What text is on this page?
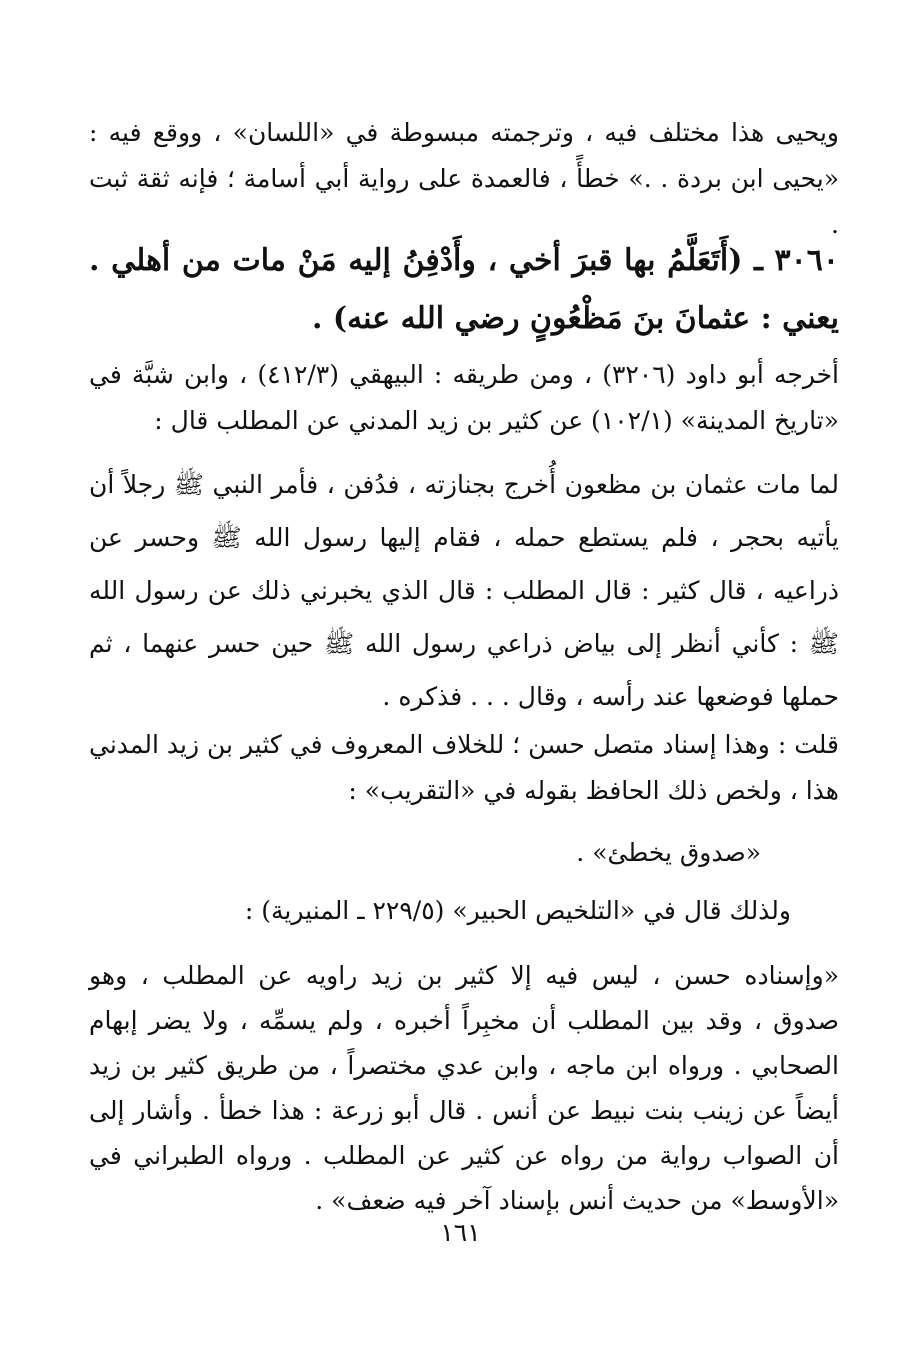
ويحيى هذا مختلف فيه ، وترجمته مبسوطة في «اللسان» ، ووقع فيه : «يحيى ابن بردة . .» خطأً ، فالعمدة على رواية أبي أسامة ؛ فإنه ثقة ثبت .

٣٠٦٠ ـ (أَتَعَلَّمُ بها قبرَ أخي ، وأَدْفِنُ إليه مَنْ مات من أهلي . يعني : عثمانَ بنَ مَظْعُونٍ رضي الله عنه) .

أخرجه أبو داود (٣٢٠٦) ، ومن طريقه : البيهقي (٤١٢/٣) ، وابن شبَّة في «تاريخ المدينة» (١٠٢/١) عن كثير بن زيد المدني عن المطلب قال :

لما مات عثمان بن مظعون أُخرج بجنازته ، فدُفن ، فأمر النبي ﷺ رجلاً أن يأتيه بحجر ، فلم يستطع حمله ، فقام إليها رسول الله ﷺ وحسر عن ذراعيه ، قال كثير : قال المطلب : قال الذي يخبرني ذلك عن رسول الله ﷺ : كأني أنظر إلى بياض ذراعي رسول الله ﷺ حين حسر عنهما ، ثم حملها فوضعها عند رأسه ، وقال . . . فذكره .

قلت : وهذا إسناد متصل حسن ؛ للخلاف المعروف في كثير بن زيد المدني هذا ، ولخص ذلك الحافظ بقوله في «التقريب» :

«صدوق يخطئ» .

ولذلك قال في «التلخيص الحبير» (٢٢٩/٥ ـ المنيرية) :

«وإسناده حسن ، ليس فيه إلا كثير بن زيد راويه عن المطلب ، وهو صدوق ، وقد بين المطلب أن مخبِراً أخبره ، ولم يسمِّه ، ولا يضر إبهام الصحابي . ورواه ابن ماجه ، وابن عدي مختصراً ، من طريق كثير بن زيد أيضاً عن زينب بنت نبيط عن أنس . قال أبو زرعة : هذا خطأ . وأشار إلى أن الصواب رواية من رواه عن كثير عن المطلب . ورواه الطبراني في «الأوسط» من حديث أنس بإسناد آخر فيه ضعف» .

١٦١
